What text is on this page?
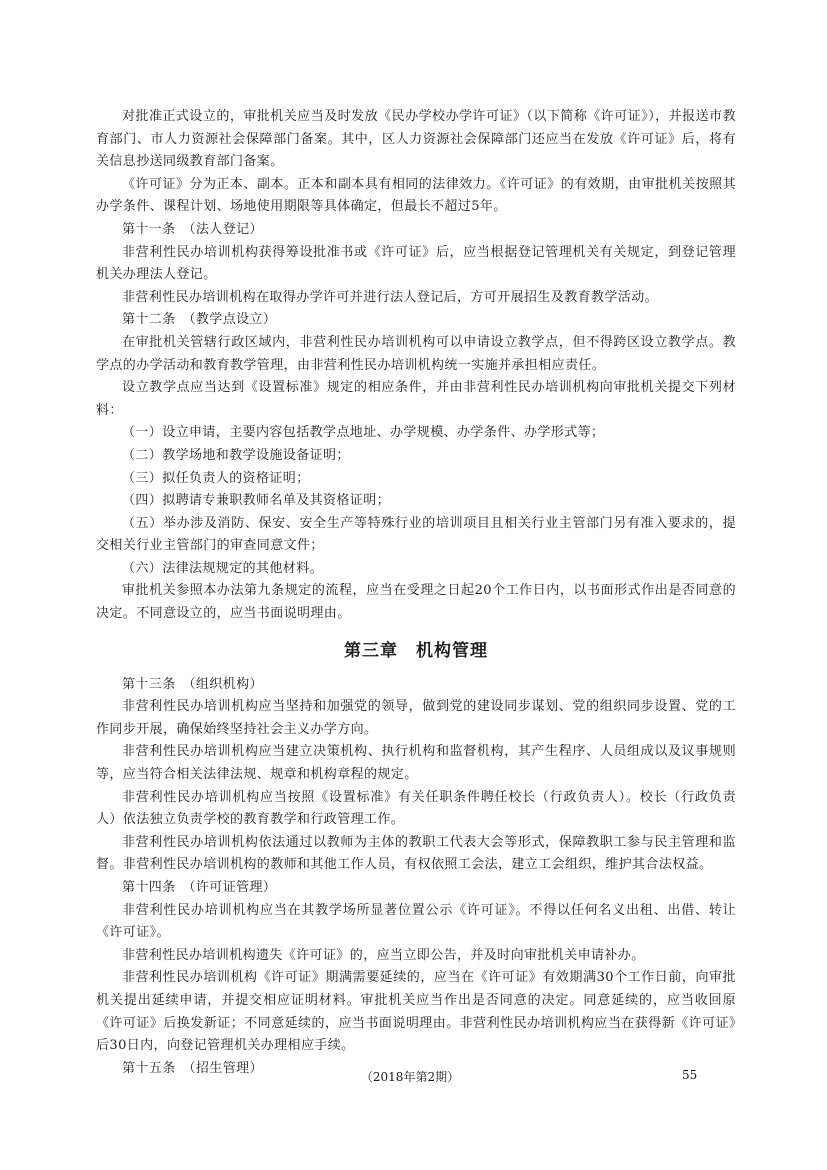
对批准正式设立的，审批机关应当及时发放《民办学校办学许可证》（以下简称《许可证》），并报送市教育部门、市人力资源社会保障部门备案。其中，区人力资源社会保障部门还应当在发放《许可证》后，将有关信息抄送同级教育部门备案。

《许可证》分为正本、副本。正本和副本具有相同的法律效力。《许可证》的有效期，由审批机关按照其办学条件、课程计划、场地使用期限等具体确定，但最长不超过5年。

第十一条　（法人登记）

非营利性民办培训机构获得筹设批准书或《许可证》后，应当根据登记管理机关有关规定，到登记管理机关办理法人登记。

非营利性民办培训机构在取得办学许可并进行法人登记后，方可开展招生及教育教学活动。

第十二条　（教学点设立）

在审批机关管辖行政区域内，非营利性民办培训机构可以申请设立教学点，但不得跨区设立教学点。教学点的办学活动和教育教学管理，由非营利性民办培训机构统一实施并承担相应责任。

设立教学点应当达到《设置标准》规定的相应条件，并由非营利性民办培训机构向审批机关提交下列材料：

（一）设立申请，主要内容包括教学点地址、办学规模、办学条件、办学形式等；

（二）教学场地和教学设施设备证明；

（三）拟任负责人的资格证明；

（四）拟聘请专兼职教师名单及其资格证明；

（五）举办涉及消防、保安、安全生产等特殊行业的培训项目且相关行业主管部门另有准入要求的，提交相关行业主管部门的审查同意文件；

（六）法律法规规定的其他材料。

审批机关参照本办法第九条规定的流程，应当在受理之日起20个工作日内，以书面形式作出是否同意的决定。不同意设立的，应当书面说明理由。

第三章　机构管理

第十三条　（组织机构）

非营利性民办培训机构应当坚持和加强党的领导，做到党的建设同步谋划、党的组织同步设置、党的工作同步开展，确保始终坚持社会主义办学方向。

非营利性民办培训机构应当建立决策机构、执行机构和监督机构，其产生程序、人员组成以及议事规则等，应当符合相关法律法规、规章和机构章程的规定。

非营利性民办培训机构应当按照《设置标准》有关任职条件聘任校长（行政负责人）。校长（行政负责人）依法独立负责学校的教育教学和行政管理工作。

非营利性民办培训机构依法通过以教师为主体的教职工代表大会等形式，保障教职工参与民主管理和监督。非营利性民办培训机构的教师和其他工作人员，有权依照工会法，建立工会组织，维护其合法权益。

第十四条　（许可证管理）

非营利性民办培训机构应当在其教学场所显著位置公示《许可证》。不得以任何名义出租、出借、转让《许可证》。

非营利性民办培训机构遗失《许可证》的，应当立即公告，并及时向审批机关申请补办。

非营利性民办培训机构《许可证》期满需要延续的，应当在《许可证》有效期满30个工作日前，向审批机关提出延续申请，并提交相应证明材料。审批机关应当作出是否同意的决定。同意延续的，应当收回原《许可证》后换发新证；不同意延续的，应当书面说明理由。非营利性民办培训机构应当在获得新《许可证》后30日内，向登记管理机关办理相应手续。

第十五条　（招生管理）

（2018年第2期）	55
